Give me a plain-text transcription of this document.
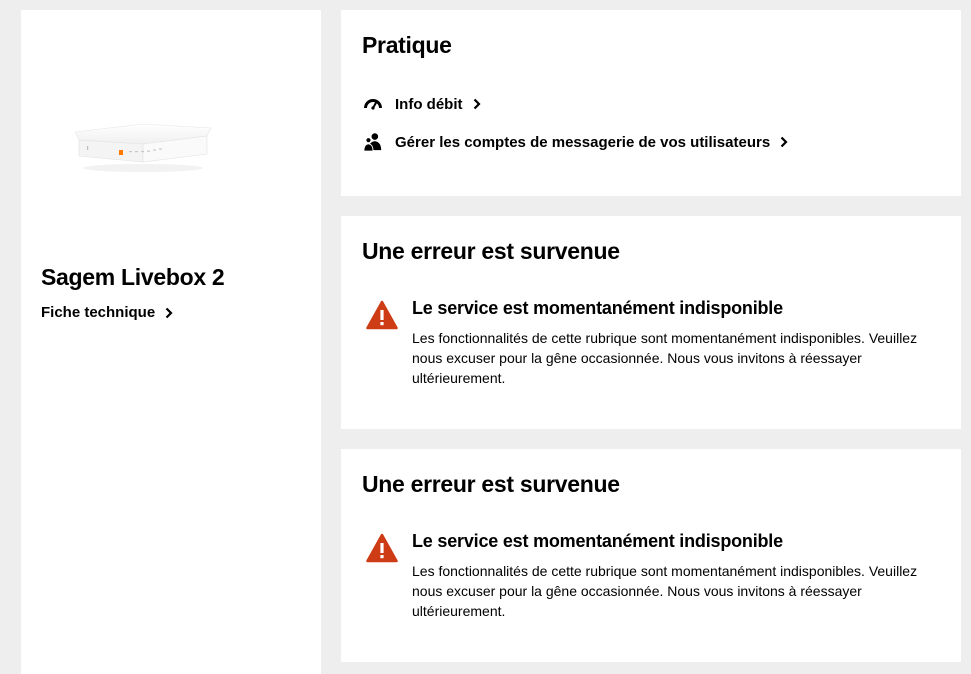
Sagem Livebox 2
Fiche technique
Pratique
Info débit
Gérer les comptes de messagerie de vos utilisateurs
Une erreur est survenue
Le service est momentanément indisponible
Les fonctionnalités de cette rubrique sont momentanément indisponibles. Veuillez nous excuser pour la gêne occasionnée. Nous vous invitons à réessayer ultérieurement.
Une erreur est survenue
Le service est momentanément indisponible
Les fonctionnalités de cette rubrique sont momentanément indisponibles. Veuillez nous excuser pour la gêne occasionnée. Nous vous invitons à réessayer ultérieurement.
